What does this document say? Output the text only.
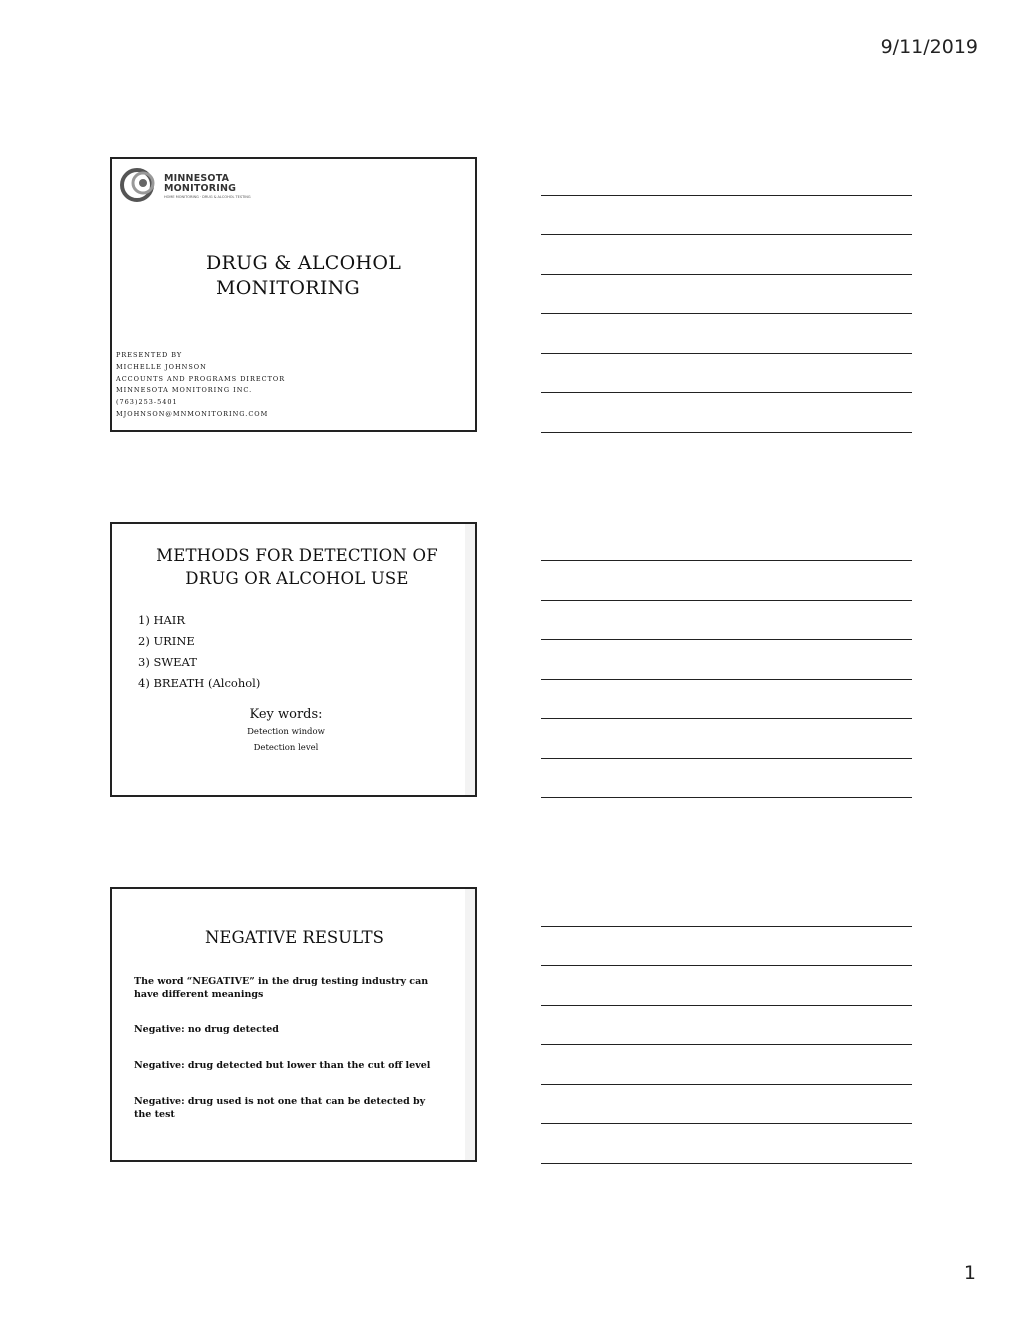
9/11/2019
MINNESOTA
MONITORING
HOME MONITORING · DRUG & ALCOHOL TESTING
DRUG & ALCOHOL
MONITORING
PRESENTED BY
MICHELLE JOHNSON
ACCOUNTS AND PROGRAMS DIRECTOR
MINNESOTA MONITORING INC.
(763)253-5401
MJOHNSON@MNMONITORING.COM
METHODS FOR DETECTION OF
DRUG OR ALCOHOL USE
1) HAIR
2) URINE
3) SWEAT
4) BREATH (Alcohol)
Key words:
Detection window
Detection level
NEGATIVE RESULTS
The word “NEGATIVE” in the drug testing industry can have different meanings
Negative: no drug detected
Negative: drug detected but lower than the cut off level
Negative: drug used is not one that can be detected by the test
1
